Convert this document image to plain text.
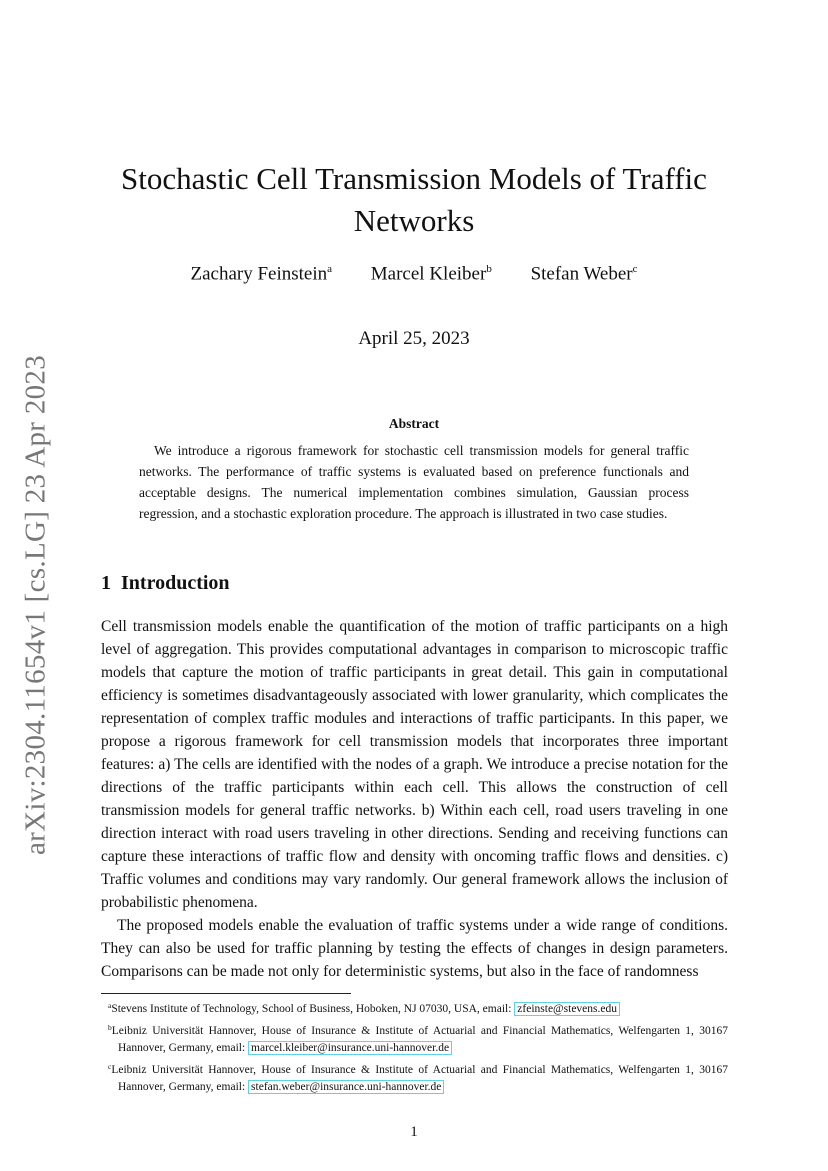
arXiv:2304.11654v1 [cs.LG] 23 Apr 2023
Stochastic Cell Transmission Models of Traffic Networks
Zachary Feinstein$^a$ Marcel Kleiber$^b$ Stefan Weber$^c$
April 25, 2023
Abstract

We introduce a rigorous framework for stochastic cell transmission models for general traffic networks. The performance of traffic systems is evaluated based on preference functionals and acceptable designs. The numerical implementation combines simulation, Gaussian process regression, and a stochastic exploration procedure. The approach is illustrated in two case studies.

1 Introduction

Cell transmission models enable the quantification of the motion of traffic participants on a high level of aggregation. This provides computational advantages in comparison to microscopic traffic models that capture the motion of traffic participants in great detail. This gain in computational efficiency is sometimes disadvantageously associated with lower granularity, which complicates the representation of complex traffic modules and interactions of traffic participants. In this paper, we propose a rigorous framework for cell transmission models that incorporates three important features: a) The cells are identified with the nodes of a graph. We introduce a precise notation for the directions of the traffic participants within each cell. This allows the construction of cell transmission models for general traffic networks. b) Within each cell, road users traveling in one direction interact with road users traveling in other directions. Sending and receiving functions can capture these interactions of traffic flow and density with oncoming traffic flows and densities. c) Traffic volumes and conditions may vary randomly. Our general framework allows the inclusion of probabilistic phenomena.

The proposed models enable the evaluation of traffic systems under a wide range of conditions. They can also be used for traffic planning by testing the effects of changes in design parameters. Comparisons can be made not only for deterministic systems, but also in the face of randomness

$^a$Stevens Institute of Technology, School of Business, Hoboken, NJ 07030, USA, email: zfeinste@stevens.edu

$^b$Leibniz Universität Hannover, House of Insurance & Institute of Actuarial and Financial Mathematics, Welfengarten 1, 30167 Hannover, Germany, email: marcel.kleiber@insurance.uni-hannover.de

$^c$Leibniz Universität Hannover, House of Insurance & Institute of Actuarial and Financial Mathematics, Welfengarten 1, 30167 Hannover, Germany, email: stefan.weber@insurance.uni-hannover.de

1
